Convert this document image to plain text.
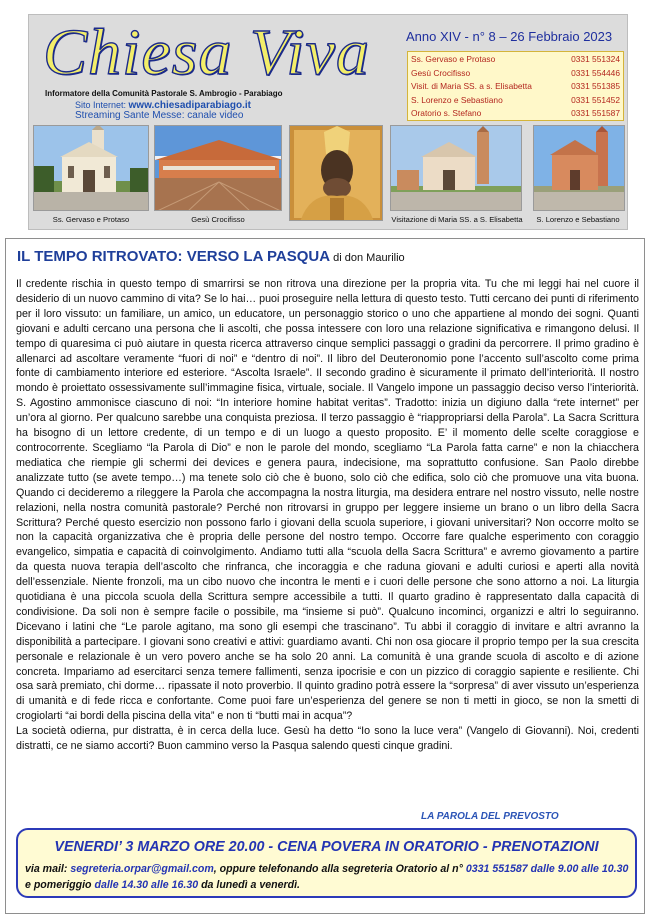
Chiesa Viva	Anno XIV - n° 8 – 26 Febbraio 2023
Informatore della Comunità Pastorale S. Ambrogio - Parabiago
Sito Internet: www.chiesadiparabiago.it
Streaming Sante Messe: canale video
Ss. Gervaso e Protaso	0331 551324
Gesù Crocifisso	0331 554446
Visit. di Maria SS. a s. Elisabetta	0331 551385
S. Lorenzo e Sebastiano	0331 551452
Oratorio s. Stefano	0331 551587
Ss. Gervaso e Protaso	Gesù Crocifisso	Visitazione di Maria SS. a S. Elisabetta	S. Lorenzo e Sebastiano
IL TEMPO RITROVATO: VERSO LA PASQUA di don Maurilio

Il credente rischia in questo tempo di smarrirsi se non ritrova una direzione per la propria vita. Tu che mi leggi hai nel cuore il desiderio di un nuovo cammino di vita? Se lo hai… puoi proseguire nella lettura di questo testo. Tutti cercano dei punti di riferimento per il loro vissuto: un familiare, un amico, un educatore, un personaggio storico o uno che appartiene al mondo dei sogni. Quanti giovani e adulti cercano una persona che li ascolti, che possa intessere con loro una relazione significativa e rimangono delusi. Il tempo di quaresima ci può aiutare in questa ricerca attraverso cinque semplici passaggi o gradini da percorrere. Il primo gradino è allenarci ad ascoltare veramente “fuori di noi” e “dentro di noi”. Il libro del Deuteronomio pone l’accento sull’ascolto come prima fonte di cambiamento interiore ed esteriore. “Ascolta Israele”. Il secondo gradino è sicuramente il primato dell’interiorità. Il nostro mondo è proiettato ossessivamente sull’immagine fisica, virtuale, sociale. Il Vangelo impone un passaggio deciso verso l’interiorità. S. Agostino ammonisce ciascuno di noi: “In interiore homine habitat veritas”. Tradotto: inizia un digiuno dalla “rete internet” per un’ora al giorno. Per qualcuno sarebbe una conquista preziosa. Il terzo passaggio è “riappropriarsi della Parola”. La Sacra Scrittura ha bisogno di un lettore credente, di un tempo e di un luogo a questo proposito. E’ il momento delle scelte coraggiose e controcorrente. Scegliamo “la Parola di Dio” e non le parole del mondo, scegliamo “La Parola fatta carne” e non la chiacchera mediatica che riempie gli schermi dei devices e genera paura, indecisione, ma soprattutto confusione. San Paolo direbbe analizzate tutto (se avete tempo…) ma tenete solo ciò che è buono, solo ciò che edifica, solo ciò che promuove una vita buona. Quando ci decideremo a rileggere la Parola che accompagna la nostra liturgia, ma desidera entrare nel nostro vissuto, nelle nostre relazioni, nella nostra comunità pastorale? Perché non ritrovarsi in gruppo per leggere insieme un brano o un libro della Sacra Scrittura? Perché questo esercizio non possono farlo i giovani della scuola superiore, i giovani universitari? Non occorre molto se non la capacità organizzativa che è propria delle persone del nostro tempo. Occorre fare qualche esperimento con coraggio evangelico, simpatia e capacità di coinvolgimento. Andiamo tutti alla “scuola della Sacra Scrittura” e avremo giovamento a partire da questa nuova terapia dell’ascolto che rinfranca, che incoraggia e che raduna giovani e adulti curiosi e aperti alla novità dell’essenziale. Niente fronzoli, ma un cibo nuovo che incontra le menti e i cuori delle persone che sono attorno a noi. La liturgia quotidiana è una piccola scuola della Scrittura sempre accessibile a tutti. Il quarto gradino è rappresentato dalla capacità di condivisione. Da soli non è sempre facile o possibile, ma “insieme si può”. Qualcuno incominci, organizzi e altri lo seguiranno. Dicevano i latini che “Le parole agitano, ma sono gli esempi che trascinano”. Tu abbi il coraggio di invitare e altri avranno la disponibilità a partecipare. I giovani sono creativi e attivi: guardiamo avanti. Chi non osa giocare il proprio tempo per la sua crescita personale e relazionale è un vero povero anche se ha solo 20 anni. La comunità è una grande scuola di ascolto e di azione concreta. Impariamo ad esercitarci senza temere fallimenti, senza ipocrisie e con un pizzico di coraggio sapiente e resiliente. Chi osa sarà premiato, chi dorme… ripassate il noto proverbio. Il quinto gradino potrà essere la “sorpresa” di aver vissuto un’esperienza di umanità e di fede ricca e confortante. Come puoi fare un’esperienza del genere se non ti metti in gioco, se non la smetti di crogiolarti “ai bordi della piscina della vita” e non ti “butti mai in acqua”?

La società odierna, pur distratta, è in cerca della luce. Gesù ha detto “Io sono la luce vera” (Vangelo di Giovanni). Noi, credenti distratti, ce ne siamo accorti? Buon cammino verso la Pasqua salendo questi cinque gradini.

LA PAROLA DEL PREVOSTO
VENERDI’ 3 MARZO ORE 20.00 - CENA POVERA IN ORATORIO - PRENOTAZIONI
via mail: segreteria.orpar@gmail.com, oppure telefonando alla segreteria Oratorio al n° 0331 551587 dalle 9.00 alle 10.30 e pomeriggio dalle 14.30 alle 16.30 da lunedì a venerdì.
